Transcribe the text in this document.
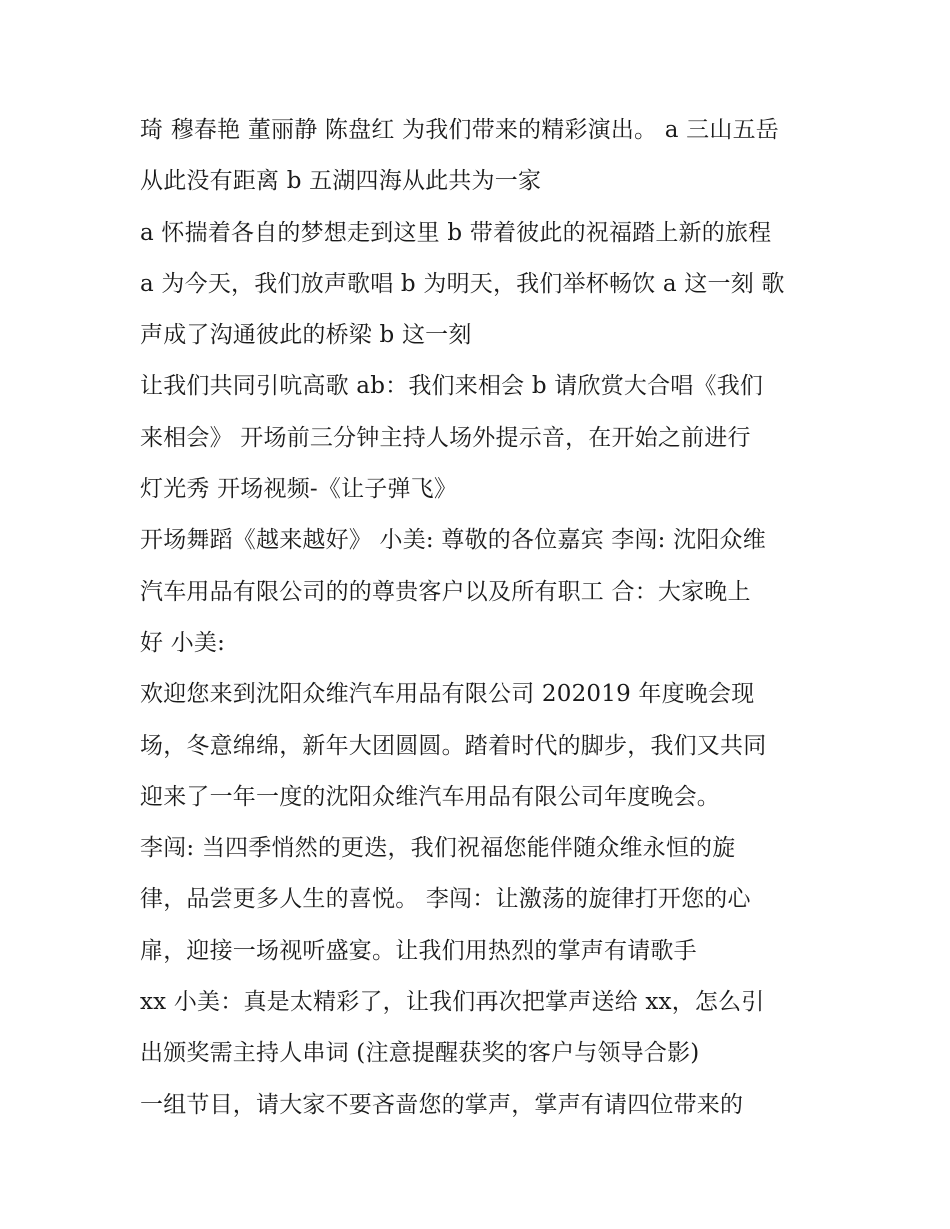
琦 穆春艳 董丽静 陈盘红 为我们带来的精彩演出。 a 三山五岳
从此没有距离 b 五湖四海从此共为一家
a 怀揣着各自的梦想走到这里 b 带着彼此的祝福踏上新的旅程
a 为今天，我们放声歌唱 b 为明天，我们举杯畅饮 a 这一刻 歌
声成了沟通彼此的桥梁 b 这一刻
让我们共同引吭高歌 ab：我们来相会 b 请欣赏大合唱《我们
来相会》 开场前三分钟主持人场外提示音，在开始之前进行
灯光秀 开场视频-《让子弹飞》
开场舞蹈《越来越好》 小美: 尊敬的各位嘉宾 李闯: 沈阳众维
汽车用品有限公司的的尊贵客户以及所有职工 合：大家晚上
好 小美:
欢迎您来到沈阳众维汽车用品有限公司 202019 年度晚会现
场，冬意绵绵，新年大团圆圆。踏着时代的脚步，我们又共同
迎来了一年一度的沈阳众维汽车用品有限公司年度晚会。
李闯: 当四季悄然的更迭，我们祝福您能伴随众维永恒的旋
律，品尝更多人生的喜悦。 李闯：让激荡的旋律打开您的心
扉，迎接一场视听盛宴。让我们用热烈的掌声有请歌手
xx 小美：真是太精彩了，让我们再次把掌声送给 xx，怎么引
出颁奖需主持人串词 (注意提醒获奖的客户与领导合影)
一组节目，请大家不要吝啬您的掌声，掌声有请四位带来的
